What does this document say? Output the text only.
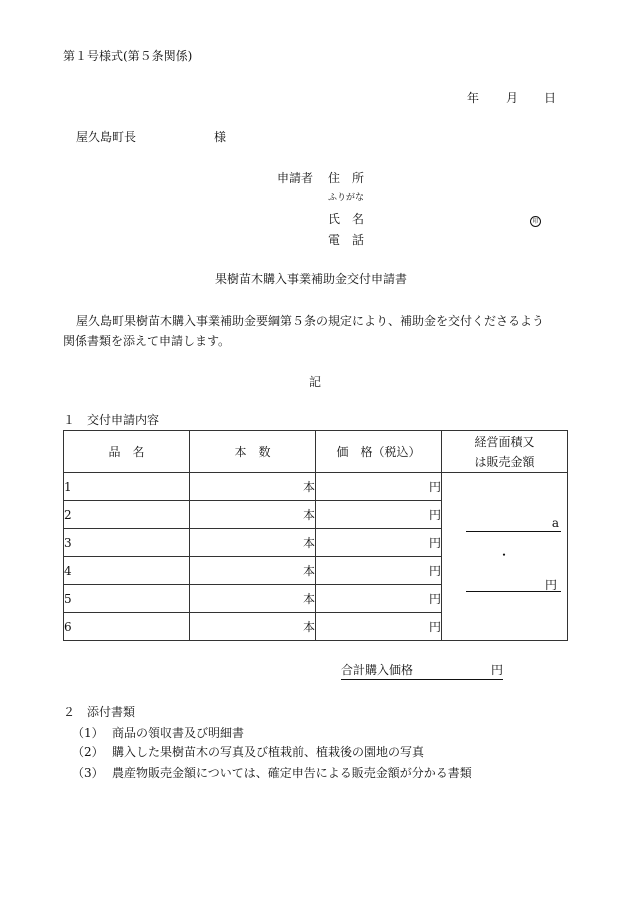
第１号様式(第５条関係)
年 月 日
屋久島町長	様
申請者 住　所
ふりがな
氏　名	印
電　話
果樹苗木購入事業補助金交付申請書
屋久島町果樹苗木購入事業補助金要綱第５条の規定により、補助金を交付くださるよう
関係書類を添えて申請します。
記
１　交付申請内容
品　名	本　数	価　格（税込）	経営面積又
は販売金額
1	本	円	a
・
円

2	本	円	
3	本	円	
4	本	円	
5	本	円	
6	本	円	
合計購入価格	円
２　添付書類
（1） 商品の領収書及び明細書
（2） 購入した果樹苗木の写真及び植栽前、植栽後の園地の写真
（3） 農産物販売金額については、確定申告による販売金額が分かる書類
